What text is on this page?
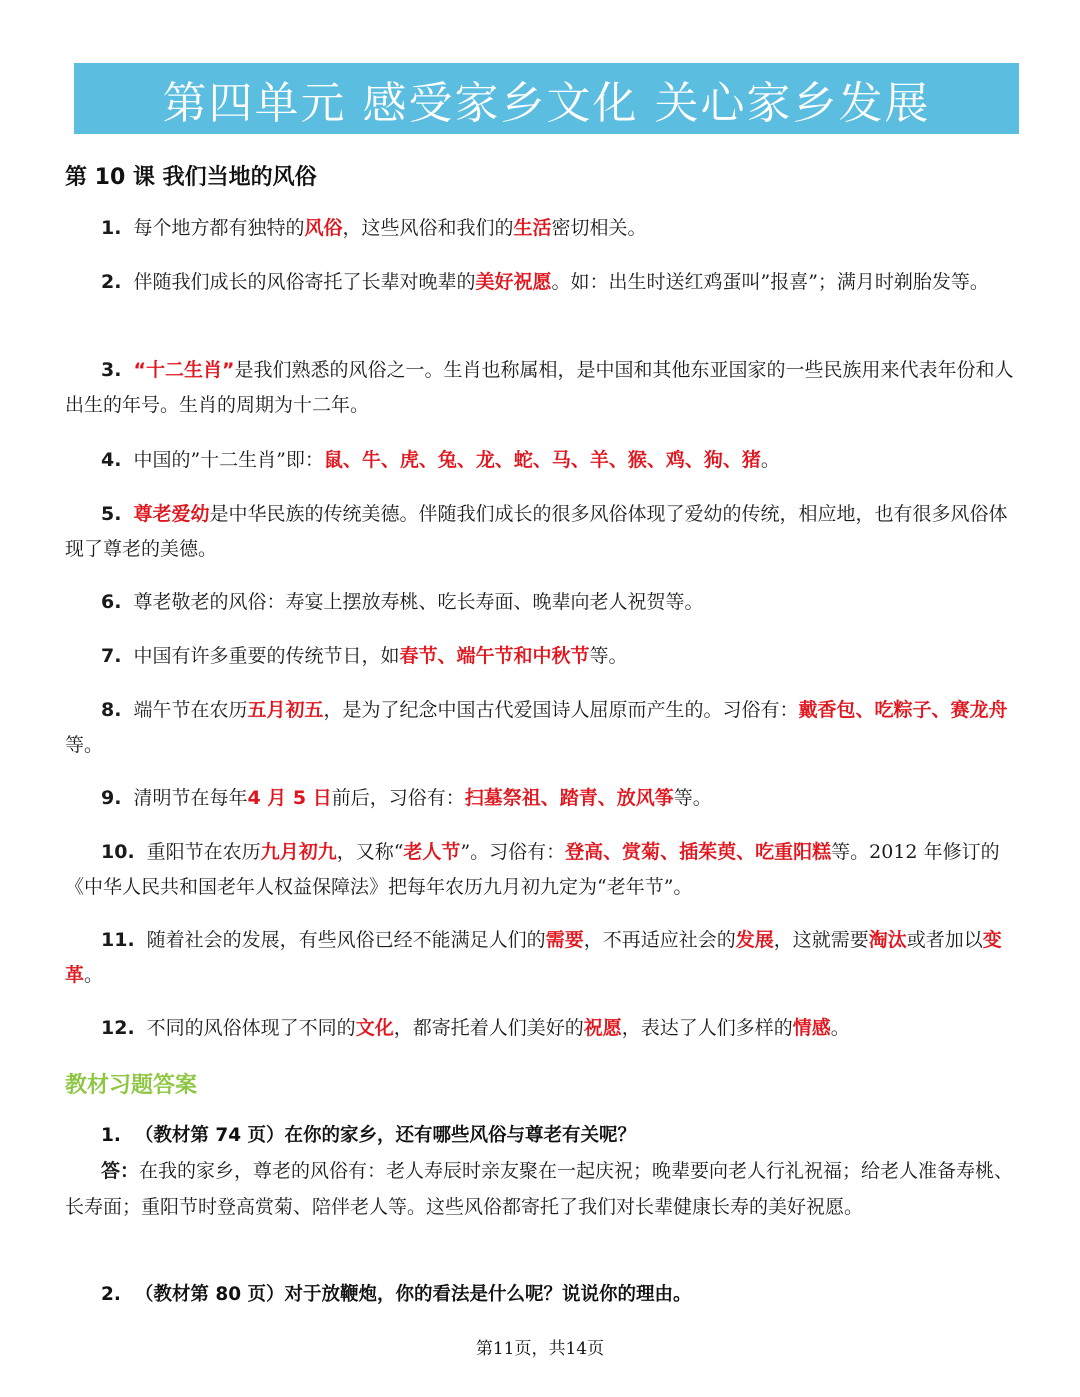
第四单元 感受家乡文化 关心家乡发展
第 10 课 我们当地的风俗
1. 每个地方都有独特的风俗，这些风俗和我们的生活密切相关。
2. 伴随我们成长的风俗寄托了长辈对晚辈的美好祝愿。如：出生时送红鸡蛋叫”报喜”；满月时剃胎发等。
3. “十二生肖”是我们熟悉的风俗之一。生肖也称属相，是中国和其他东亚国家的一些民族用来代表年份和人出生的年号。生肖的周期为十二年。
4. 中国的”十二生肖”即：鼠、牛、虎、兔、龙、蛇、马、羊、猴、鸡、狗、猪。
5. 尊老爱幼是中华民族的传统美德。伴随我们成长的很多风俗体现了爱幼的传统，相应地，也有很多风俗体现了尊老的美德。
6. 尊老敬老的风俗：寿宴上摆放寿桃、吃长寿面、晚辈向老人祝贺等。
7. 中国有许多重要的传统节日，如春节、端午节和中秋节等。
8. 端午节在农历五月初五，是为了纪念中国古代爱国诗人屈原而产生的。习俗有：戴香包、吃粽子、赛龙舟等。
9. 清明节在每年4 月 5 日前后，习俗有：扫墓祭祖、踏青、放风筝等。
10. 重阳节在农历九月初九，又称“老人节”。习俗有：登高、赏菊、插茱萸、吃重阳糕等。2012 年修订的《中华人民共和国老年人权益保障法》把每年农历九月初九定为“老年节”。
11. 随着社会的发展，有些风俗已经不能满足人们的需要，不再适应社会的发展，这就需要淘汰或者加以变革。
12. 不同的风俗体现了不同的文化，都寄托着人们美好的祝愿，表达了人们多样的情感。
教材习题答案
1. （教材第 74 页）在你的家乡，还有哪些风俗与尊老有关呢？
答：在我的家乡，尊老的风俗有：老人寿辰时亲友聚在一起庆祝；晚辈要向老人行礼祝福；给老人准备寿桃、长寿面；重阳节时登高赏菊、陪伴老人等。这些风俗都寄托了我们对长辈健康长寿的美好祝愿。
2. （教材第 80 页）对于放鞭炮，你的看法是什么呢？说说你的理由。
第11页，共14页
